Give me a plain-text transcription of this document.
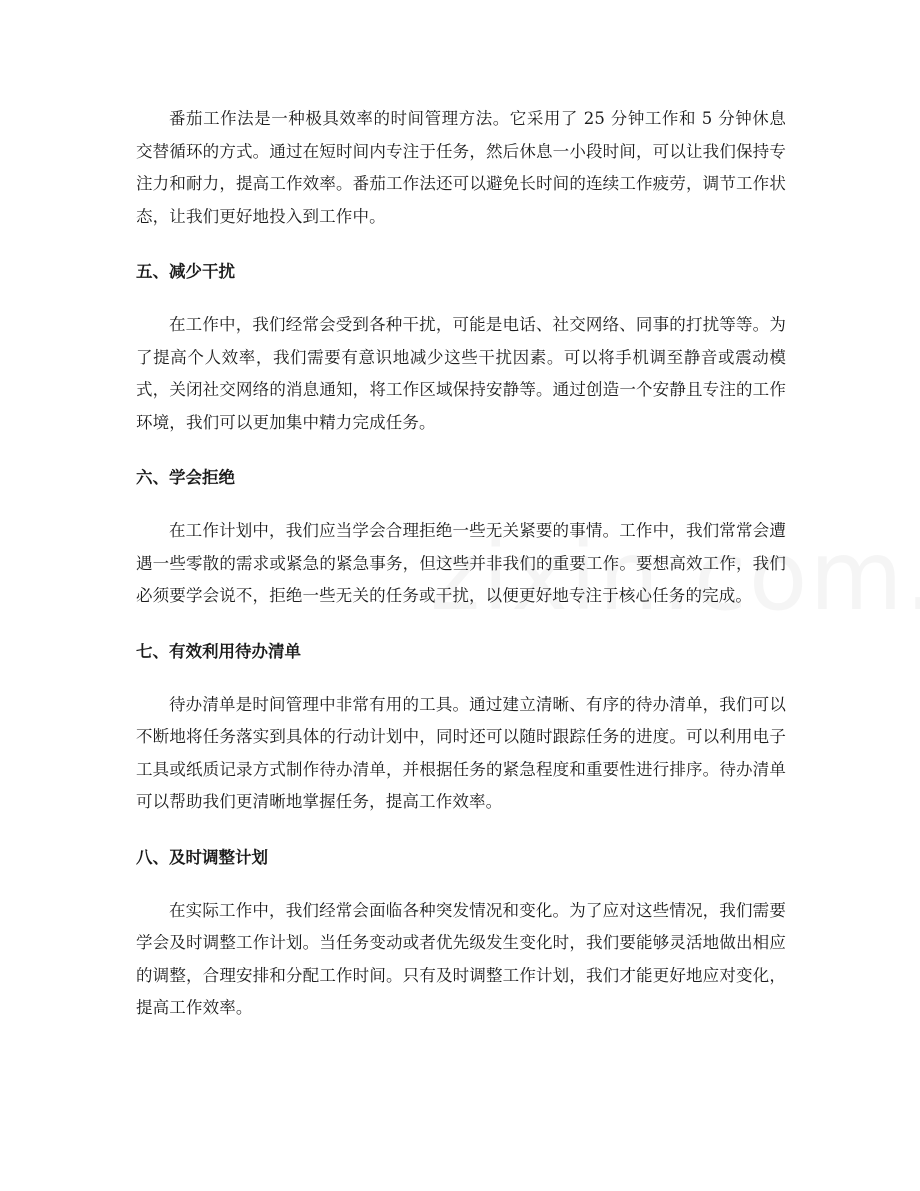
番茄工作法是一种极具效率的时间管理方法。它采用了 25 分钟工作和 5 分钟休息交替循环的方式。通过在短时间内专注于任务，然后休息一小段时间，可以让我们保持专注力和耐力，提高工作效率。番茄工作法还可以避免长时间的连续工作疲劳，调节工作状态，让我们更好地投入到工作中。

五、减少干扰

在工作中，我们经常会受到各种干扰，可能是电话、社交网络、同事的打扰等等。为了提高个人效率，我们需要有意识地减少这些干扰因素。可以将手机调至静音或震动模式，关闭社交网络的消息通知，将工作区域保持安静等。通过创造一个安静且专注的工作环境，我们可以更加集中精力完成任务。

六、学会拒绝

在工作计划中，我们应当学会合理拒绝一些无关紧要的事情。工作中，我们常常会遭遇一些零散的需求或紧急的紧急事务，但这些并非我们的重要工作。要想高效工作，我们必须要学会说不，拒绝一些无关的任务或干扰，以便更好地专注于核心任务的完成。

七、有效利用待办清单

待办清单是时间管理中非常有用的工具。通过建立清晰、有序的待办清单，我们可以不断地将任务落实到具体的行动计划中，同时还可以随时跟踪任务的进度。可以利用电子工具或纸质记录方式制作待办清单，并根据任务的紧急程度和重要性进行排序。待办清单可以帮助我们更清晰地掌握任务，提高工作效率。

八、及时调整计划

在实际工作中，我们经常会面临各种突发情况和变化。为了应对这些情况，我们需要学会及时调整工作计划。当任务变动或者优先级发生变化时，我们要能够灵活地做出相应的调整，合理安排和分配工作时间。只有及时调整工作计划，我们才能更好地应对变化，提高工作效率。
